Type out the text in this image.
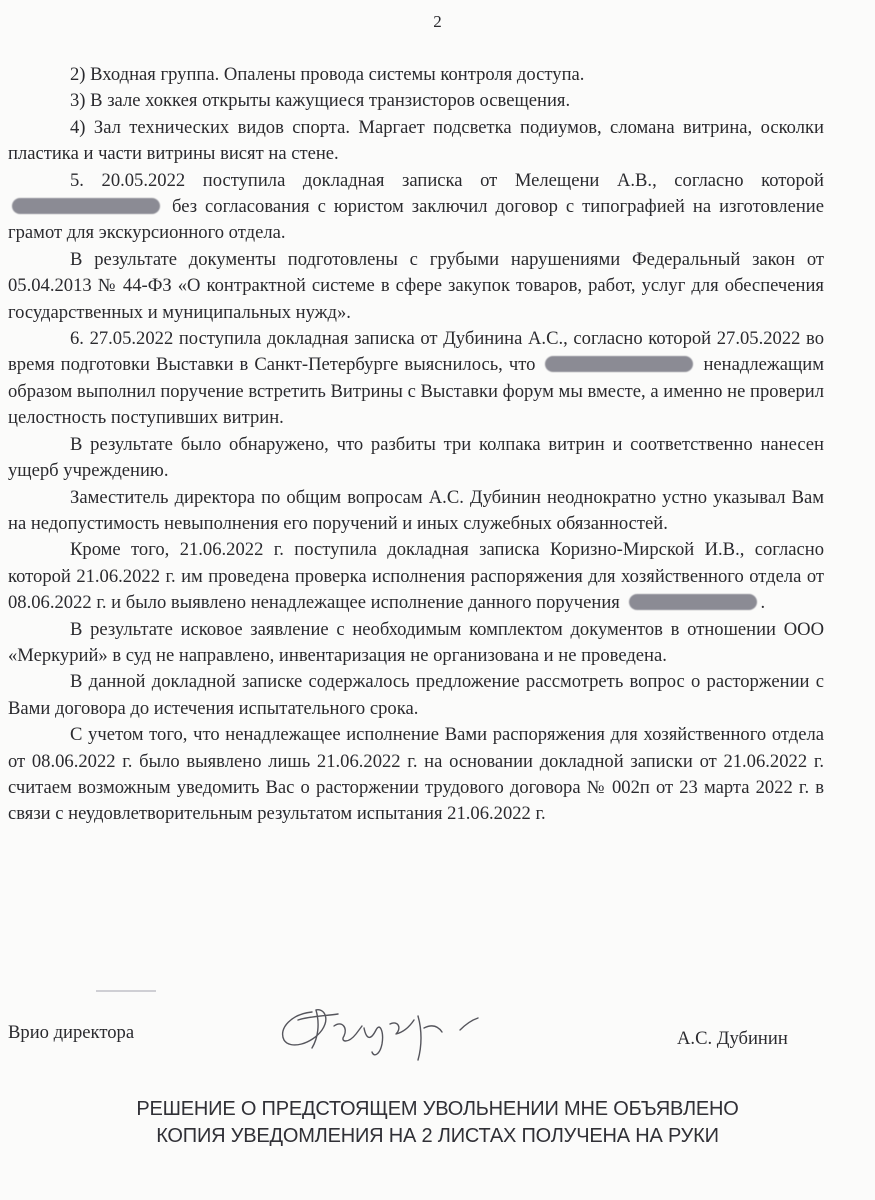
2

2) Входная группа. Опалены провода системы контроля доступа.

3) В зале хоккея открыты кажущиеся транзисторов освещения.

4) Зал технических видов спорта. Маргает подсветка подиумов, сломана витрина, осколки пластика и части витрины висят на стене.

5. 20.05.2022 поступила докладная записка от Мелещени А.В., согласно которой  без согласования с юристом заключил договор с типографией на изготовление грамот для экскурсионного отдела.

В результате документы подготовлены с грубыми нарушениями Федеральный закон от 05.04.2013 № 44-ФЗ «О контрактной системе в сфере закупок товаров, работ, услуг для обеспечения государственных и муниципальных нужд».

6. 27.05.2022 поступила докладная записка от Дубинина А.С., согласно которой 27.05.2022 во время подготовки Выставки в Санкт-Петербурге выяснилось, что	ненадлежащим образом выполнил поручение встретить Витрины с Выставки форум мы вместе, а именно не проверил целостность поступивших витрин.

В результате было обнаружено, что разбиты три колпака витрин и соответственно нанесен ущерб учреждению.

Заместитель директора по общим вопросам А.С. Дубинин неоднократно устно указывал Вам на недопустимость невыполнения его поручений и иных служебных обязанностей.

Кроме того, 21.06.2022 г. поступила докладная записка Коризно-Мирской И.В., согласно которой 21.06.2022 г. им проведена проверка исполнения распоряжения для хозяйственного отдела от 08.06.2022 г. и было выявлено ненадлежащее исполнение данного поручения	.

В результате исковое заявление с необходимым комплектом документов в отношении ООО «Меркурий» в суд не направлено, инвентаризация не организована и не проведена.

В данной докладной записке содержалось предложение рассмотреть вопрос о расторжении с Вами договора до истечения испытательного срока.

С учетом того, что ненадлежащее исполнение Вами распоряжения для хозяйственного отдела от 08.06.2022 г. было выявлено лишь 21.06.2022 г. на основании докладной записки от 21.06.2022 г. считаем возможным уведомить Вас о расторжении трудового договора № 002п от 23 марта 2022 г. в связи с неудовлетворительным результатом испытания 21.06.2022 г.

Врио директора	А.С. Дубинин
РЕШЕНИЕ О ПРЕДСТОЯЩЕМ УВОЛЬНЕНИИ МНЕ ОБЪЯВЛЕНО
КОПИЯ УВЕДОМЛЕНИЯ НА 2 ЛИСТАХ ПОЛУЧЕНА НА РУКИ
